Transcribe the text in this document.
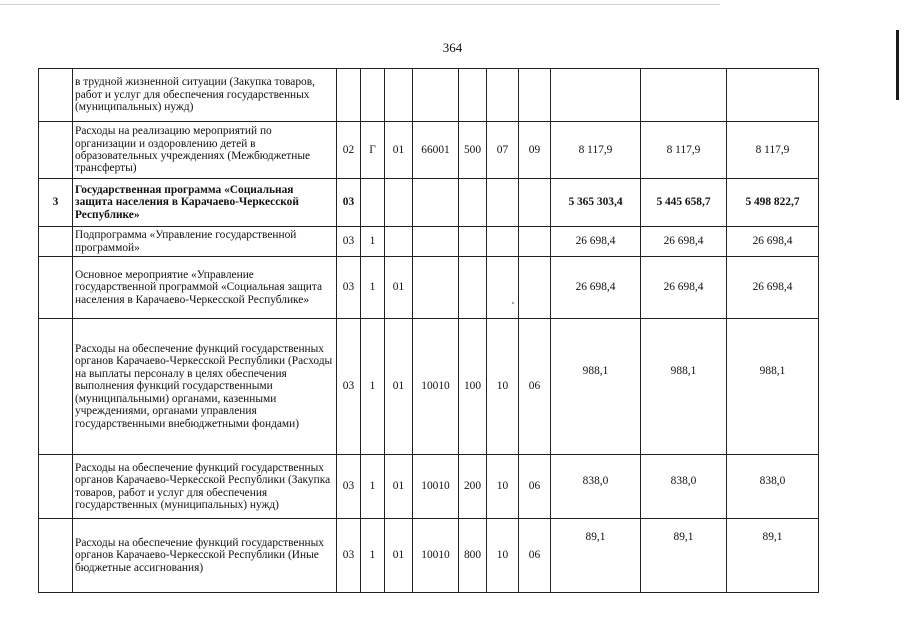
364
	в трудной жизненной ситуации (Закупка товаров, работ и услуг для обеспечения государственных (муниципальных) нужд)										
	Расходы на реализацию мероприятий по организации и оздоровлению детей в образовательных учреждениях (Межбюджетные трансферты)	02	Г	01	66001	500	07	09	8 117,9	8 117,9	8 117,9
3	Государственная программа «Социальная защита населения в Карачаево-Черкесской Республике»	03							5 365 303,4	5 445 658,7	5 498 822,7
	Подпрограмма «Управление государственной программой»	03	1						26 698,4	26 698,4	26 698,4
	Основное мероприятие «Управление государственной программой «Социальная защита населения в Карачаево-Черкесской Республике»	03	1	01					26 698,4	26 698,4	26 698,4
	Расходы на обеспечение функций государственных органов Карачаево-Черкесской Республики (Расходы на выплаты персоналу в целях обеспечения выполнения функций государственными (муниципальными) органами, казенными учреждениями, органами управления государственными внебюджетными фондами)	03	1	01	10010	100	10	06	988,1	988,1	988,1
	Расходы на обеспечение функций государственных органов Карачаево-Черкесской Республики (Закупка товаров, работ и услуг для обеспечения государственных (муниципальных) нужд)	03	1	01	10010	200	10	06	838,0	838,0	838,0
	Расходы на обеспечение функций государственных органов Карачаево-Черкесской Республики (Иные бюджетные ассигнования)	03	1	01	10010	800	10	06	89,1	89,1	89,1
